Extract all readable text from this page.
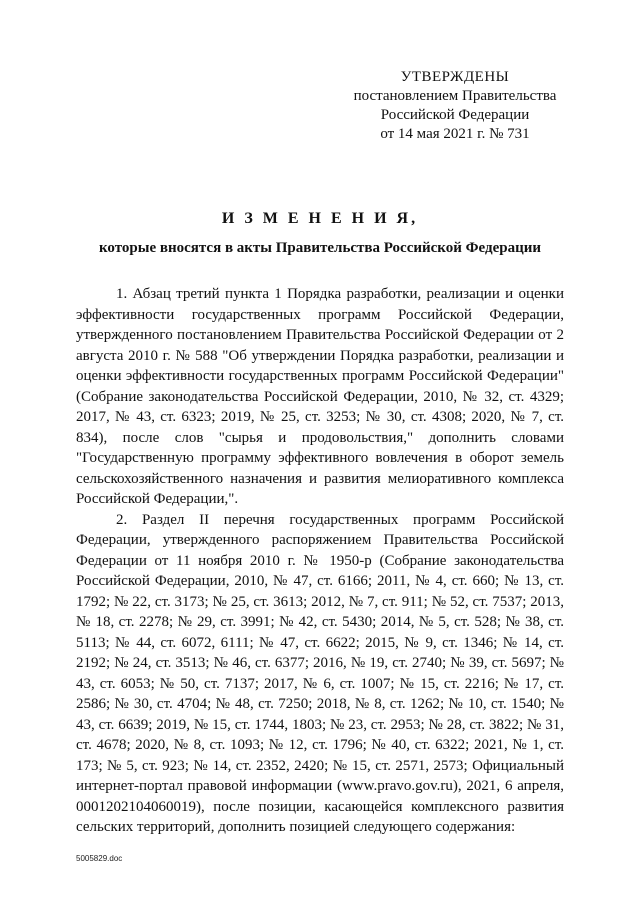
УТВЕРЖДЕНЫ
постановлением Правительства
Российской Федерации
от 14 мая 2021 г. № 731
И З М Е Н Е Н И Я,
которые вносятся в акты Правительства Российской Федерации

1. Абзац третий пункта 1 Порядка разработки, реализации и оценки эффективности государственных программ Российской Федерации, утвержденного постановлением Правительства Российской Федерации от 2 августа 2010 г. № 588 "Об утверждении Порядка разработки, реализации и оценки эффективности государственных программ Российской Федерации" (Собрание законодательства Российской Федерации, 2010, № 32, ст. 4329; 2017, № 43, ст. 6323; 2019, № 25, ст. 3253; № 30, ст. 4308; 2020, № 7, ст. 834), после слов "сырья и продовольствия," дополнить словами "Государственную программу эффективного вовлечения в оборот земель сельскохозяйственного назначения и развития мелиоративного комплекса Российской Федерации,".

2. Раздел II перечня государственных программ Российской Федерации, утвержденного распоряжением Правительства Российской Федерации от 11 ноября 2010 г. № 1950-р (Собрание законодательства Российской Федерации, 2010, № 47, ст. 6166; 2011, № 4, ст. 660; № 13, ст. 1792; № 22, ст. 3173; № 25, ст. 3613; 2012, № 7, ст. 911; № 52, ст. 7537; 2013, № 18, ст. 2278; № 29, ст. 3991; № 42, ст. 5430; 2014, № 5, ст. 528; № 38, ст. 5113; № 44, ст. 6072, 6111; № 47, ст. 6622; 2015, № 9, ст. 1346; № 14, ст. 2192; № 24, ст. 3513; № 46, ст. 6377; 2016, № 19, ст. 2740; № 39, ст. 5697; № 43, ст. 6053; № 50, ст. 7137; 2017, № 6, ст. 1007; № 15, ст. 2216; № 17, ст. 2586; № 30, ст. 4704; № 48, ст. 7250; 2018, № 8, ст. 1262; № 10, ст. 1540; № 43, ст. 6639; 2019, № 15, ст. 1744, 1803; № 23, ст. 2953; № 28, ст. 3822; № 31, ст. 4678; 2020, № 8, ст. 1093; № 12, ст. 1796; № 40, ст. 6322; 2021, № 1, ст. 173; № 5, ст. 923; № 14, ст. 2352, 2420; № 15, ст. 2571, 2573; Официальный интернет-портал правовой информации (www.pravo.gov.ru), 2021, 6 апреля, 0001202104060019), после позиции, касающейся комплексного развития сельских территорий, дополнить позицией следующего содержания:

5005829.doc
